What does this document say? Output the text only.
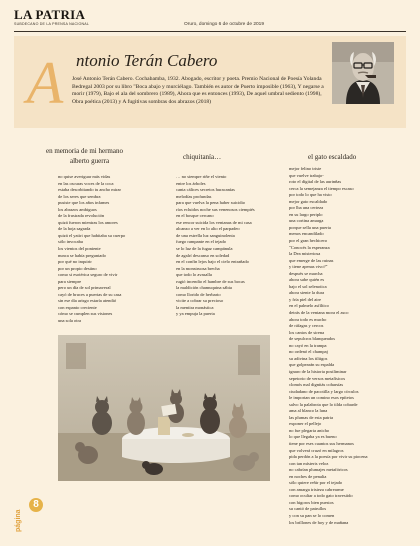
LA PATRIA
SUBDECANO DE LA PRENSA NACIONAL	Oruro, domingo 6 de octubre de 2019
A ntonio Terán Cabero

José Antonio Terán Cabero. Cochabamba, 1932. Abogado, escritor y poeta. Premio Nacional de Poesía Yolanda Bedregal 2003 por su libro "Boca abajo y murciélago. También es autor de Puerto imposible (1963), Y negarse a morir (1979), Bajo el ala del sombrero (1989), Ahora que es entonces (1993), De aquel umbral sediento (1998), Obra poética (2013) y A fugitivas sombras dos abrazos (2018)

en memoria de mi hermano
alberto guerra
no quise averiguar más vidas
en las oscuras voces de la coca
estaba desorbitando tu ancho mirar
de los seres que sembra
pusiste que los años infames
los abrazos ambiguos
de la frustrada revolución
quizá fueron mientras los amores
de la hoja sagrada
quizá el yatiri que habitaba su cuerpo
sólo invocaba
los vientos del poniente
nunca se había preguntado
por qué no inquirir
por un propio destino
como si esotérica seguro de vivir
para siempre
pero un día de sol primaveral
cayó de bruces a puertas de su casa
sin ese día arisgo estaría atendió
con espanto creciente
cómo se cumplen sus visiones
una sola otra
chiquitanía…
… no siempre riñe el viento
entre los árboles
canta cálices secretos huracanías
melodías profundas
para que vuelva la pena haber suicidio
ríos ecluidos noche sus venenosos ciempiés
en el bosque cercano
ese rencor suicida los ventanas de mi casa
alcanzo a ver en lo alto el parpadeo
de una estrella luz sanguinolenta
fuego rampante en el tejado
se lo luz de la fugaz campánula
de agalrí descanso en soledad
en el confín lejos bajo el cielo entrañado
en la monstruosa brecha
que todo lo avasalla
rugió incendio el hambre de sus bocas
la maldición chamuquina sábia
como llorido de herbario
vicite a cobrar su precioso
la mentira monástica
y ya empuja la puerta
el gato escaldado
mejor felino triste
que vuelve trabajo-
roto el dígital de las aurinñas
cerca la semejanza el tiempo escaso
por todo lo que ha visto
mejor gato escaldado
por lba una certeza
en su largo periplo
una cortina amarga
porque sella una puerta
menos encandilado
por el gran hechicero
"Conocés la esperanza
la Dea misteriosa
que emerge de las ruinas
y tiene apenas vivo?"
después se marcha
ahora sabe quién es
bajo el sol selenotica
ahora siente la dura
y fría piel del aire
en el palmelo asfíltico
detrás de la ventana mora el asco
ahora todo es mucho
de ráfagas y cercos
los cantos de sirena
de sepulcros blanqueados
no cayó en la trampa
no ordenó el champaj
su adivina los tiltigos
que golpearán su espalda
ignaro de la historia postliminar
sepetorio de versos metafísicos
clomós mal dignitás coharsías
ciudadano de pacotilla y largo círculos
le importan un comino esos epítetos
salvo la palabrota que lo tilda cobarde
ama al blanco la luna
las plumas de esta patria
exponer el pellejo
no fue plegaria anicho
lo que llegaba ya es bueno
tiene por eses cuantos sus hermanos
que volverá cruzó en milagros
pida perdón a la poesía por vivir su piocena
con tan místeris veloz
no cabrían plumajes metafóricos
en noches de penalia
sólo quiere reñir por el tejado
con amarga tristeza cabrearme
como ocultar a todo gato travesiido
con higoros bien puestos
su cantó de patrullos
y con su pan se lo comen
los brillones de hoy y de mañana
página
8
